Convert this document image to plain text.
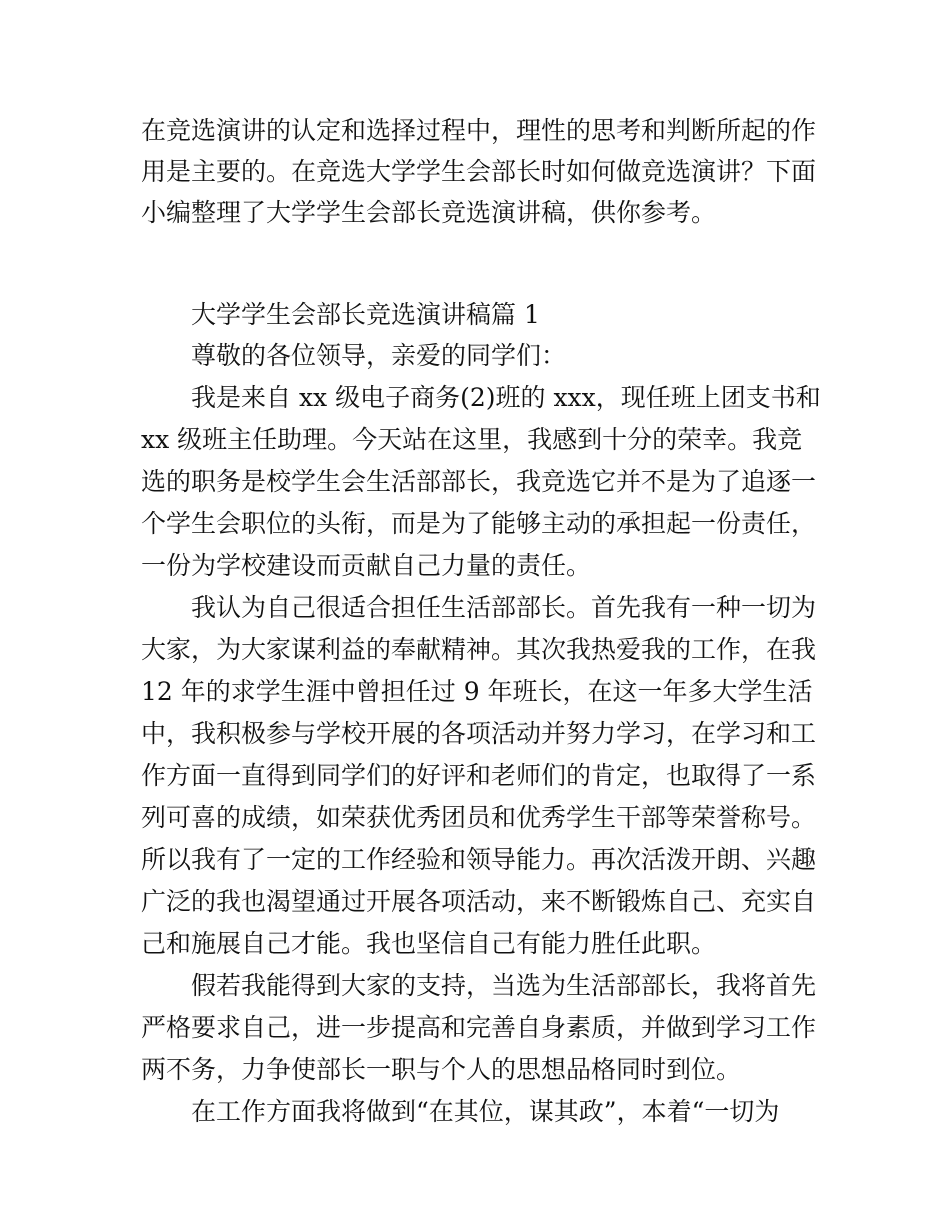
在竞选演讲的认定和选择过程中，理性的思考和判断所起的作
用是主要的。在竞选大学学生会部长时如何做竞选演讲？下面
小编整理了大学学生会部长竞选演讲稿，供你参考。
大学学生会部长竞选演讲稿篇 1
尊敬的各位领导，亲爱的同学们：
我是来自 xx 级电子商务(2)班的 xxx，现任班上团支书和
xx 级班主任助理。今天站在这里，我感到十分的荣幸。我竞
选的职务是校学生会生活部部长，我竞选它并不是为了追逐一
个学生会职位的头衔，而是为了能够主动的承担起一份责任，
一份为学校建设而贡献自己力量的责任。
我认为自己很适合担任生活部部长。首先我有一种一切为
大家，为大家谋利益的奉献精神。其次我热爱我的工作，在我
12 年的求学生涯中曾担任过 9 年班长，在这一年多大学生活
中，我积极参与学校开展的各项活动并努力学习，在学习和工
作方面一直得到同学们的好评和老师们的肯定，也取得了一系
列可喜的成绩，如荣获优秀团员和优秀学生干部等荣誉称号。
所以我有了一定的工作经验和领导能力。再次活泼开朗、兴趣
广泛的我也渴望通过开展各项活动，来不断锻炼自己、充实自
己和施展自己才能。我也坚信自己有能力胜任此职。
假若我能得到大家的支持，当选为生活部部长，我将首先
严格要求自己，进一步提高和完善自身素质，并做到学习工作
两不务，力争使部长一职与个人的思想品格同时到位。
在工作方面我将做到“在其位，谋其政”，本着“一切为
